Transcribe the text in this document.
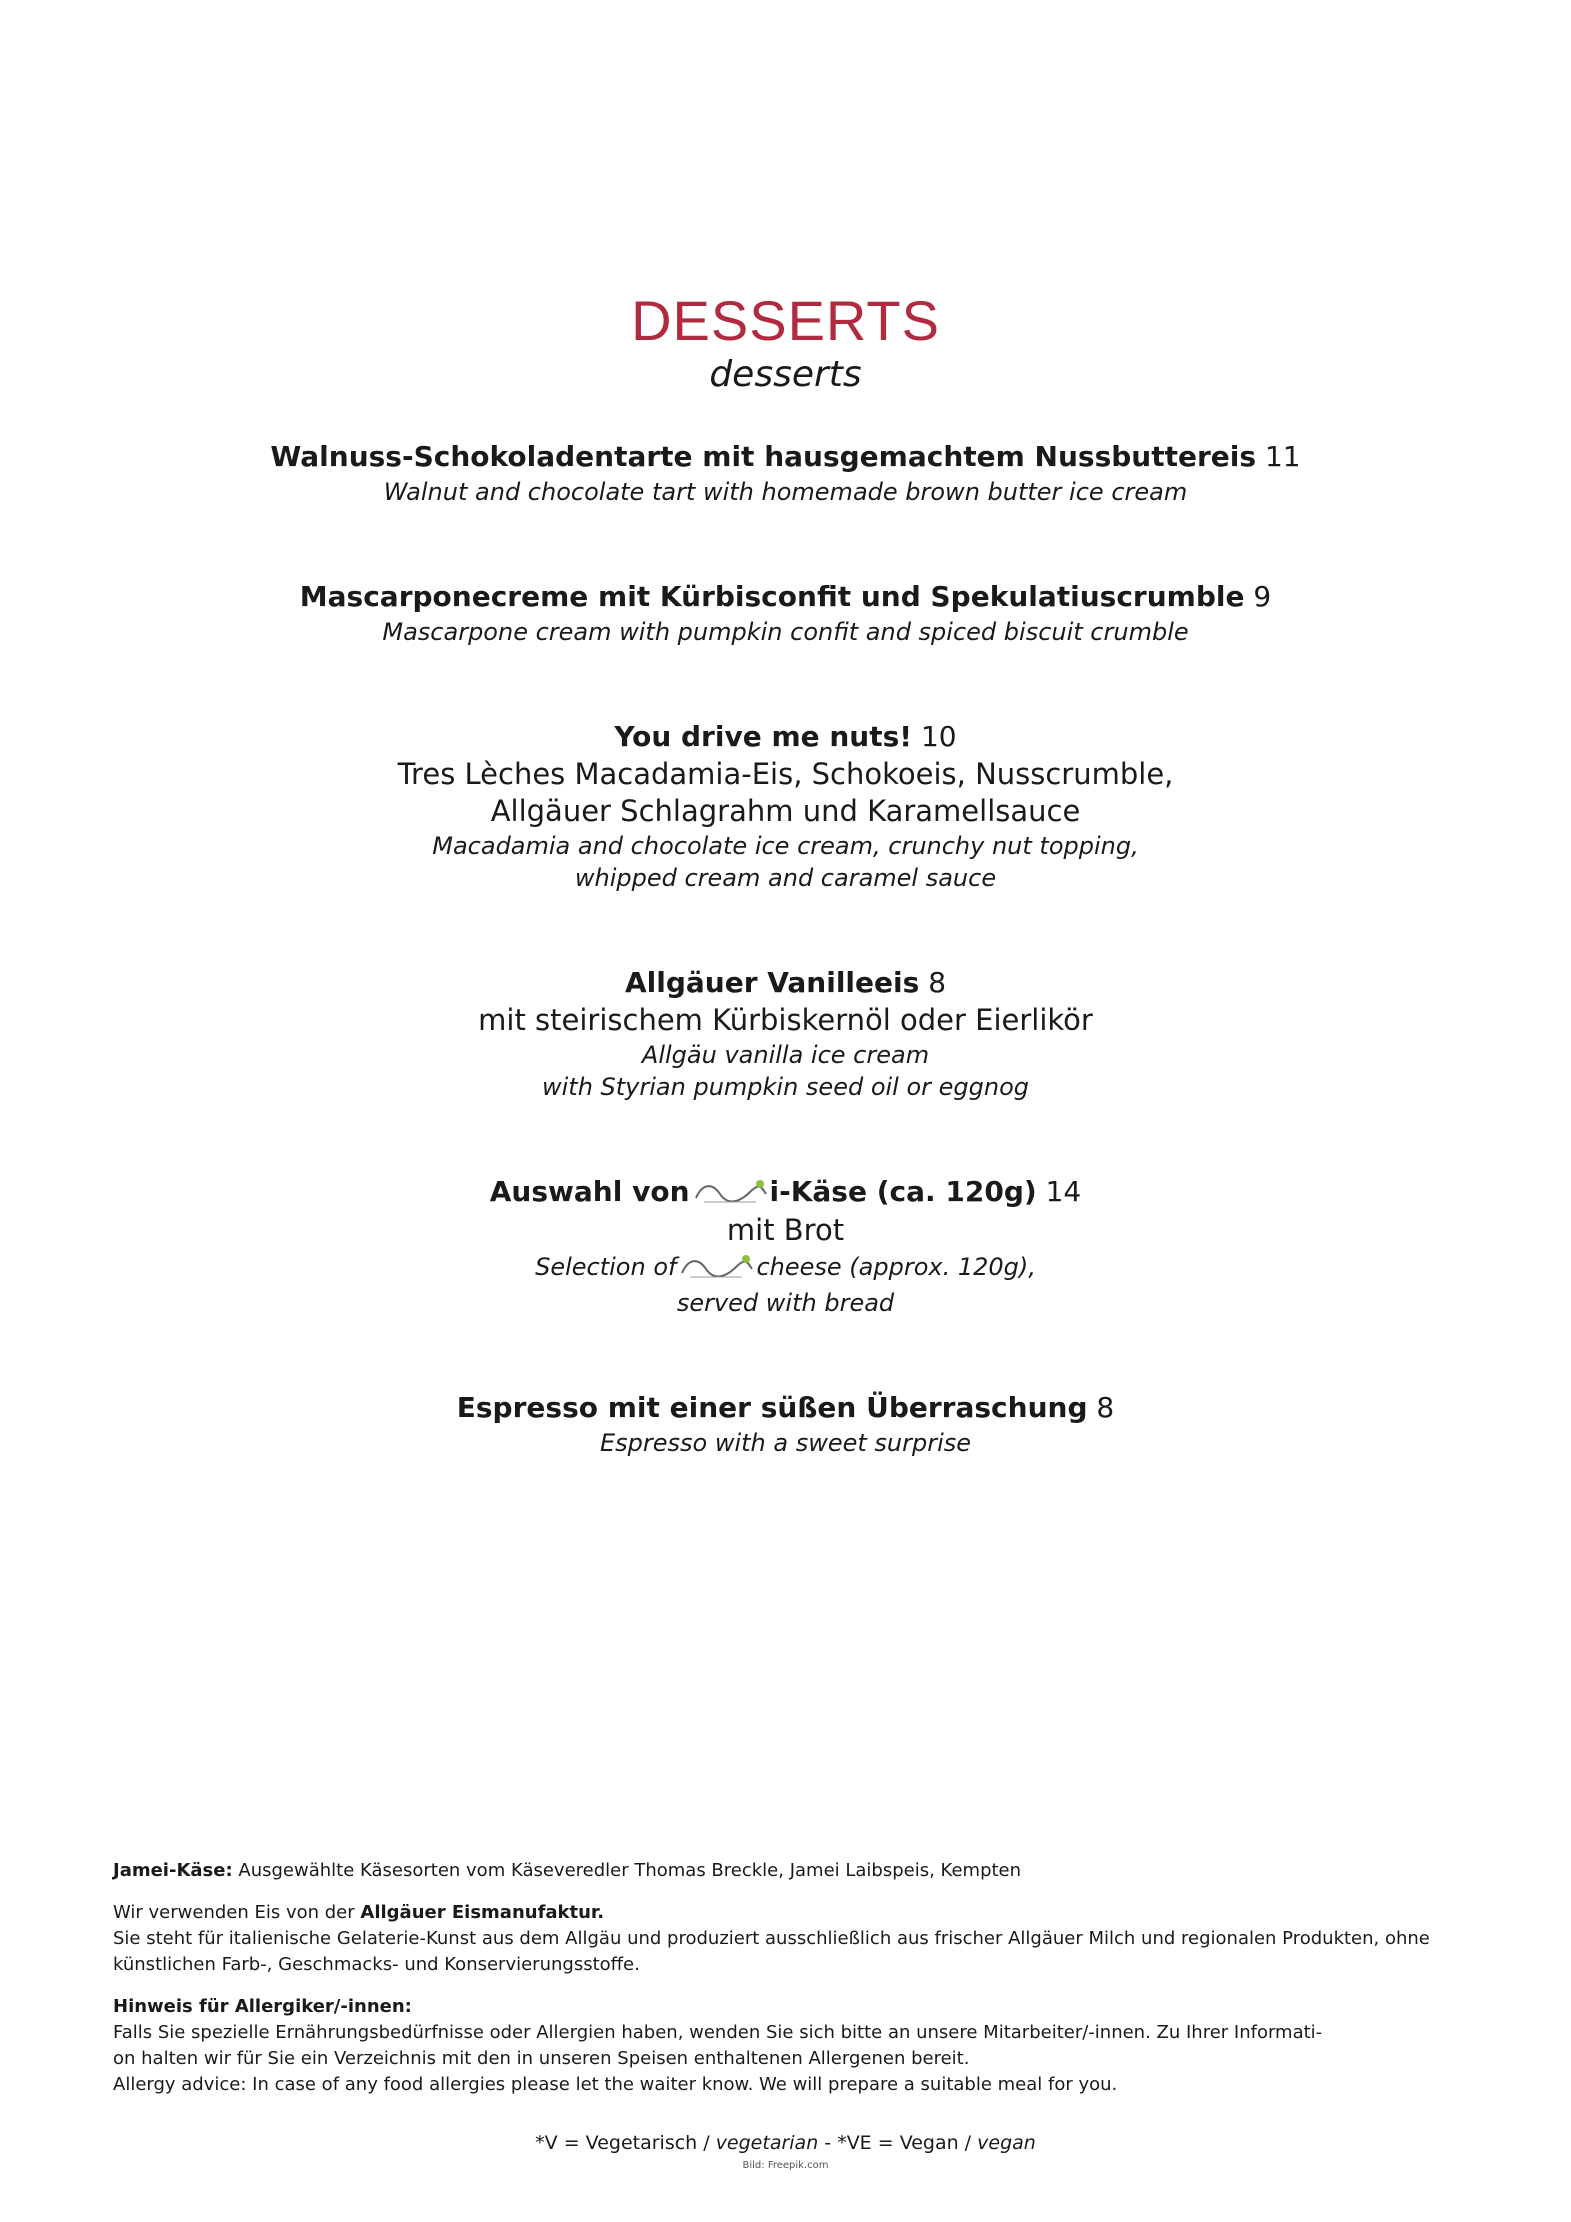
DESSERTS
desserts
Walnuss-Schokoladentarte mit hausgemachtem Nussbuttereis 11
Walnut and chocolate tart with homemade brown butter ice cream
Mascarponecreme mit Kürbisconfit und Spekulatiuscrumble 9
Mascarpone cream with pumpkin confit and spiced biscuit crumble
You drive me nuts! 10
Tres Lèches Macadamia-Eis, Schokoeis, Nusscrumble,
Allgäuer Schlagrahm und Karamellsauce
Macadamia and chocolate ice cream, crunchy nut topping,
whipped cream and caramel sauce
Allgäuer Vanilleeis 8
mit steirischem Kürbiskernöl oder Eierlikör
Allgäu vanilla ice cream
with Styrian pumpkin seed oil or eggnog
Auswahl von	i-Käse (ca. 120g) 14
mit Brot
Selection of	cheese (approx. 120g),
served with bread
Espresso mit einer süßen Überraschung 8
Espresso with a sweet surprise

Jamei-Käse: Ausgewählte Käsesorten vom Käseveredler Thomas Breckle, Jamei Laibspeis, Kempten

Wir verwenden Eis von der Allgäuer Eismanufaktur.
Sie steht für italienische Gelaterie-Kunst aus dem Allgäu und produziert ausschließlich aus frischer Allgäuer Milch und regionalen Produkten, ohne künstlichen Farb-, Geschmacks- und Konservierungsstoffe.

Hinweis für Allergiker/-innen:
Falls Sie spezielle Ernährungsbedürfnisse oder Allergien haben, wenden Sie sich bitte an unsere Mitarbeiter/-innen. Zu Ihrer Informati-
on halten wir für Sie ein Verzeichnis mit den in unseren Speisen enthaltenen Allergenen bereit.
Allergy advice: In case of any food allergies please let the waiter know. We will prepare a suitable meal for you.

*V = Vegetarisch / vegetarian - *VE = Vegan / vegan
Bild: Freepik.com
